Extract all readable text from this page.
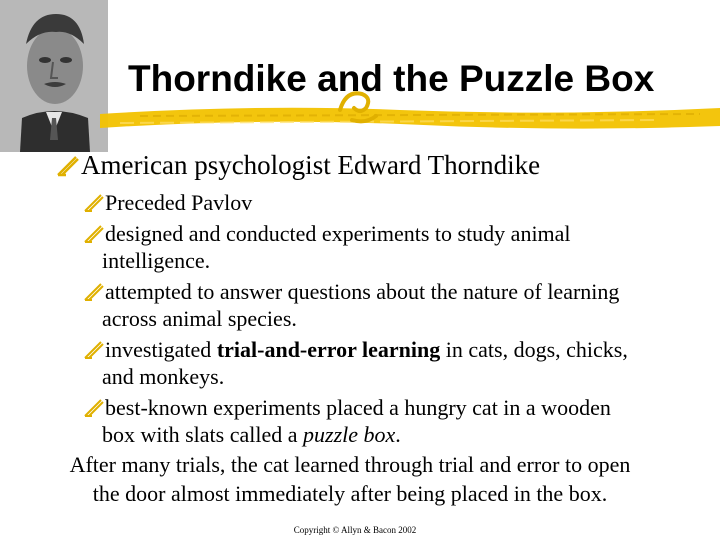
Thorndike and the Puzzle Box
American psychologist Edward Thorndike
Preceded Pavlov
designed and conducted experiments to study animal
intelligence.
attempted to answer questions about the nature of learning
across animal species.
investigated trial-and-error learning in cats, dogs, chicks,
and monkeys.
best-known experiments placed a hungry cat in a wooden
box with slats called a puzzle box.
After many trials, the cat learned through trial and error to open
the door almost immediately after being placed in the box.
Copyright © Allyn & Bacon 2002
